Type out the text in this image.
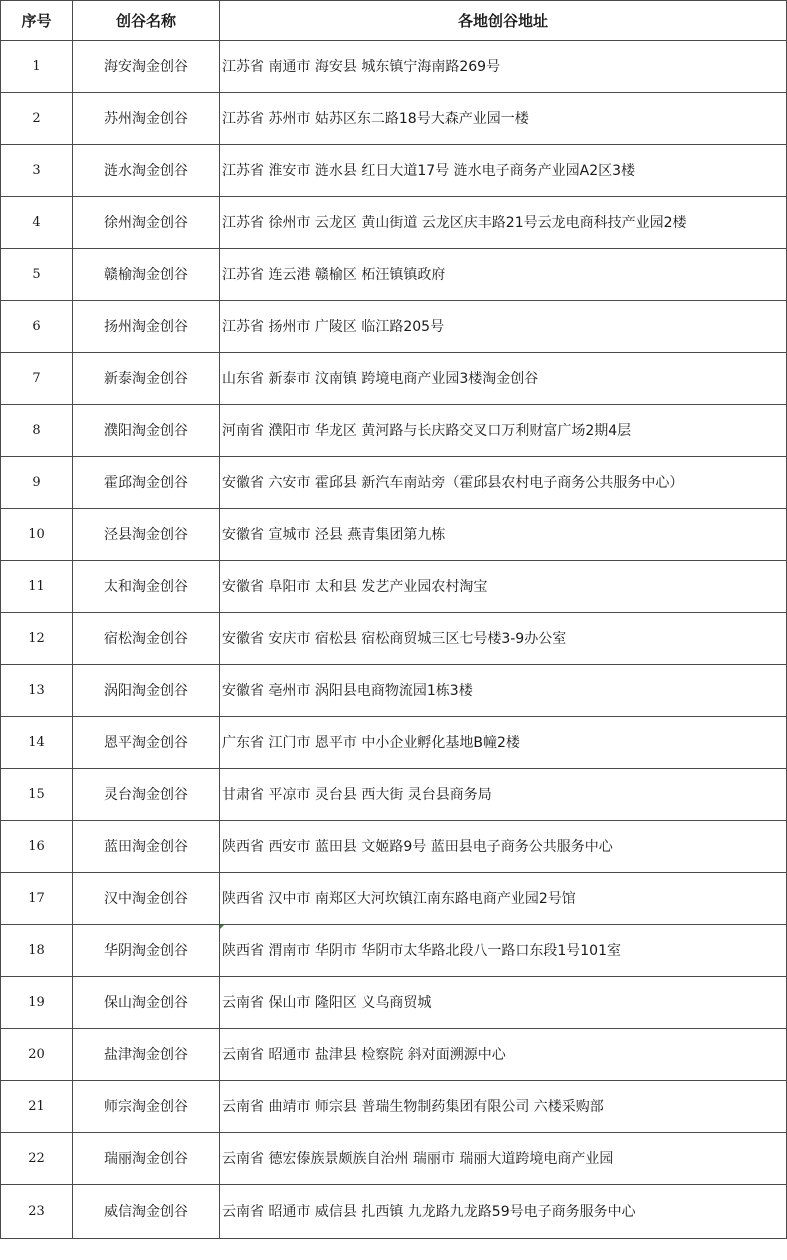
序号	创谷名称	各地创谷地址
1	海安淘金创谷	江苏省 南通市 海安县 城东镇宁海南路269号
2	苏州淘金创谷	江苏省 苏州市 姑苏区东二路18号大森产业园一楼
3	涟水淘金创谷	江苏省 淮安市 涟水县 红日大道17号 涟水电子商务产业园A2区3楼
4	徐州淘金创谷	江苏省 徐州市 云龙区 黄山街道 云龙区庆丰路21号云龙电商科技产业园2楼
5	赣榆淘金创谷	江苏省 连云港 赣榆区 柘汪镇镇政府
6	扬州淘金创谷	江苏省 扬州市 广陵区 临江路205号
7	新泰淘金创谷	山东省 新泰市 汶南镇 跨境电商产业园3楼淘金创谷
8	濮阳淘金创谷	河南省 濮阳市 华龙区 黄河路与长庆路交叉口万利财富广场2期4层
9	霍邱淘金创谷	安徽省 六安市 霍邱县 新汽车南站旁（霍邱县农村电子商务公共服务中心）
10	泾县淘金创谷	安徽省 宣城市 泾县 燕青集团第九栋
11	太和淘金创谷	安徽省 阜阳市 太和县 发艺产业园农村淘宝
12	宿松淘金创谷	安徽省 安庆市 宿松县 宿松商贸城三区七号楼3-9办公室
13	涡阳淘金创谷	安徽省 亳州市 涡阳县电商物流园1栋3楼
14	恩平淘金创谷	广东省 江门市 恩平市 中小企业孵化基地B幢2楼
15	灵台淘金创谷	甘肃省 平凉市 灵台县 西大街 灵台县商务局
16	蓝田淘金创谷	陕西省 西安市 蓝田县 文姬路9号 蓝田县电子商务公共服务中心
17	汉中淘金创谷	陕西省 汉中市 南郑区大河坎镇江南东路电商产业园2号馆
18	华阴淘金创谷	陕西省 渭南市 华阴市 华阴市太华路北段八一路口东段1号101室
19	保山淘金创谷	云南省 保山市 隆阳区 义乌商贸城
20	盐津淘金创谷	云南省 昭通市 盐津县 检察院 斜对面溯源中心
21	师宗淘金创谷	云南省 曲靖市 师宗县 普瑞生物制药集团有限公司 六楼采购部
22	瑞丽淘金创谷	云南省 德宏傣族景颇族自治州 瑞丽市 瑞丽大道跨境电商产业园
23	威信淘金创谷	云南省 昭通市 威信县 扎西镇 九龙路九龙路59号电子商务服务中心
